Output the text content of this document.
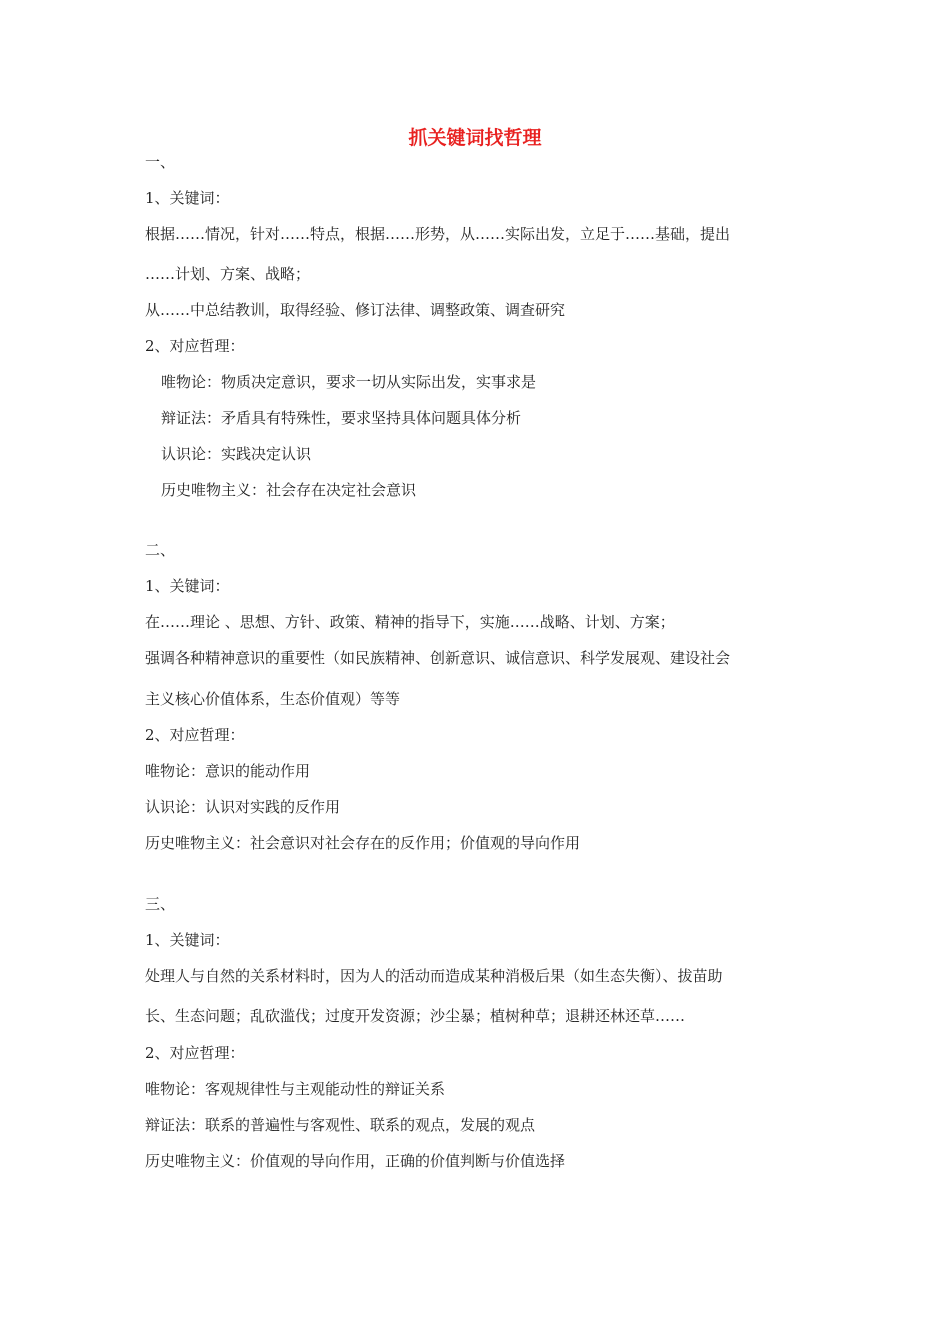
抓关键词找哲理

一、

1、关键词：

根据……情况，针对……特点，根据……形势，从……实际出发，立足于……基础，提出

……计划、方案、战略；

从……中总结教训，取得经验、修订法律、调整政策、调查研究

2、对应哲理：

唯物论：物质决定意识，要求一切从实际出发，实事求是

辩证法：矛盾具有特殊性，要求坚持具体问题具体分析

认识论：实践决定认识

历史唯物主义：社会存在决定社会意识

二、

1、关键词：

在……理论 、思想、方针、政策、精神的指导下，实施……战略、计划、方案；

强调各种精神意识的重要性（如民族精神、创新意识、诚信意识、科学发展观、建设社会

主义核心价值体系，生态价值观）等等

2、对应哲理：

唯物论：意识的能动作用

认识论：认识对实践的反作用

历史唯物主义：社会意识对社会存在的反作用；价值观的导向作用

三、

1、关键词：

处理人与自然的关系材料时，因为人的活动而造成某种消极后果（如生态失衡）、拔苗助

长、生态问题；乱砍滥伐；过度开发资源；沙尘暴；植树种草；退耕还林还草……

2、对应哲理：

唯物论：客观规律性与主观能动性的辩证关系

辩证法：联系的普遍性与客观性、联系的观点，发展的观点

历史唯物主义：价值观的导向作用，正确的价值判断与价值选择
